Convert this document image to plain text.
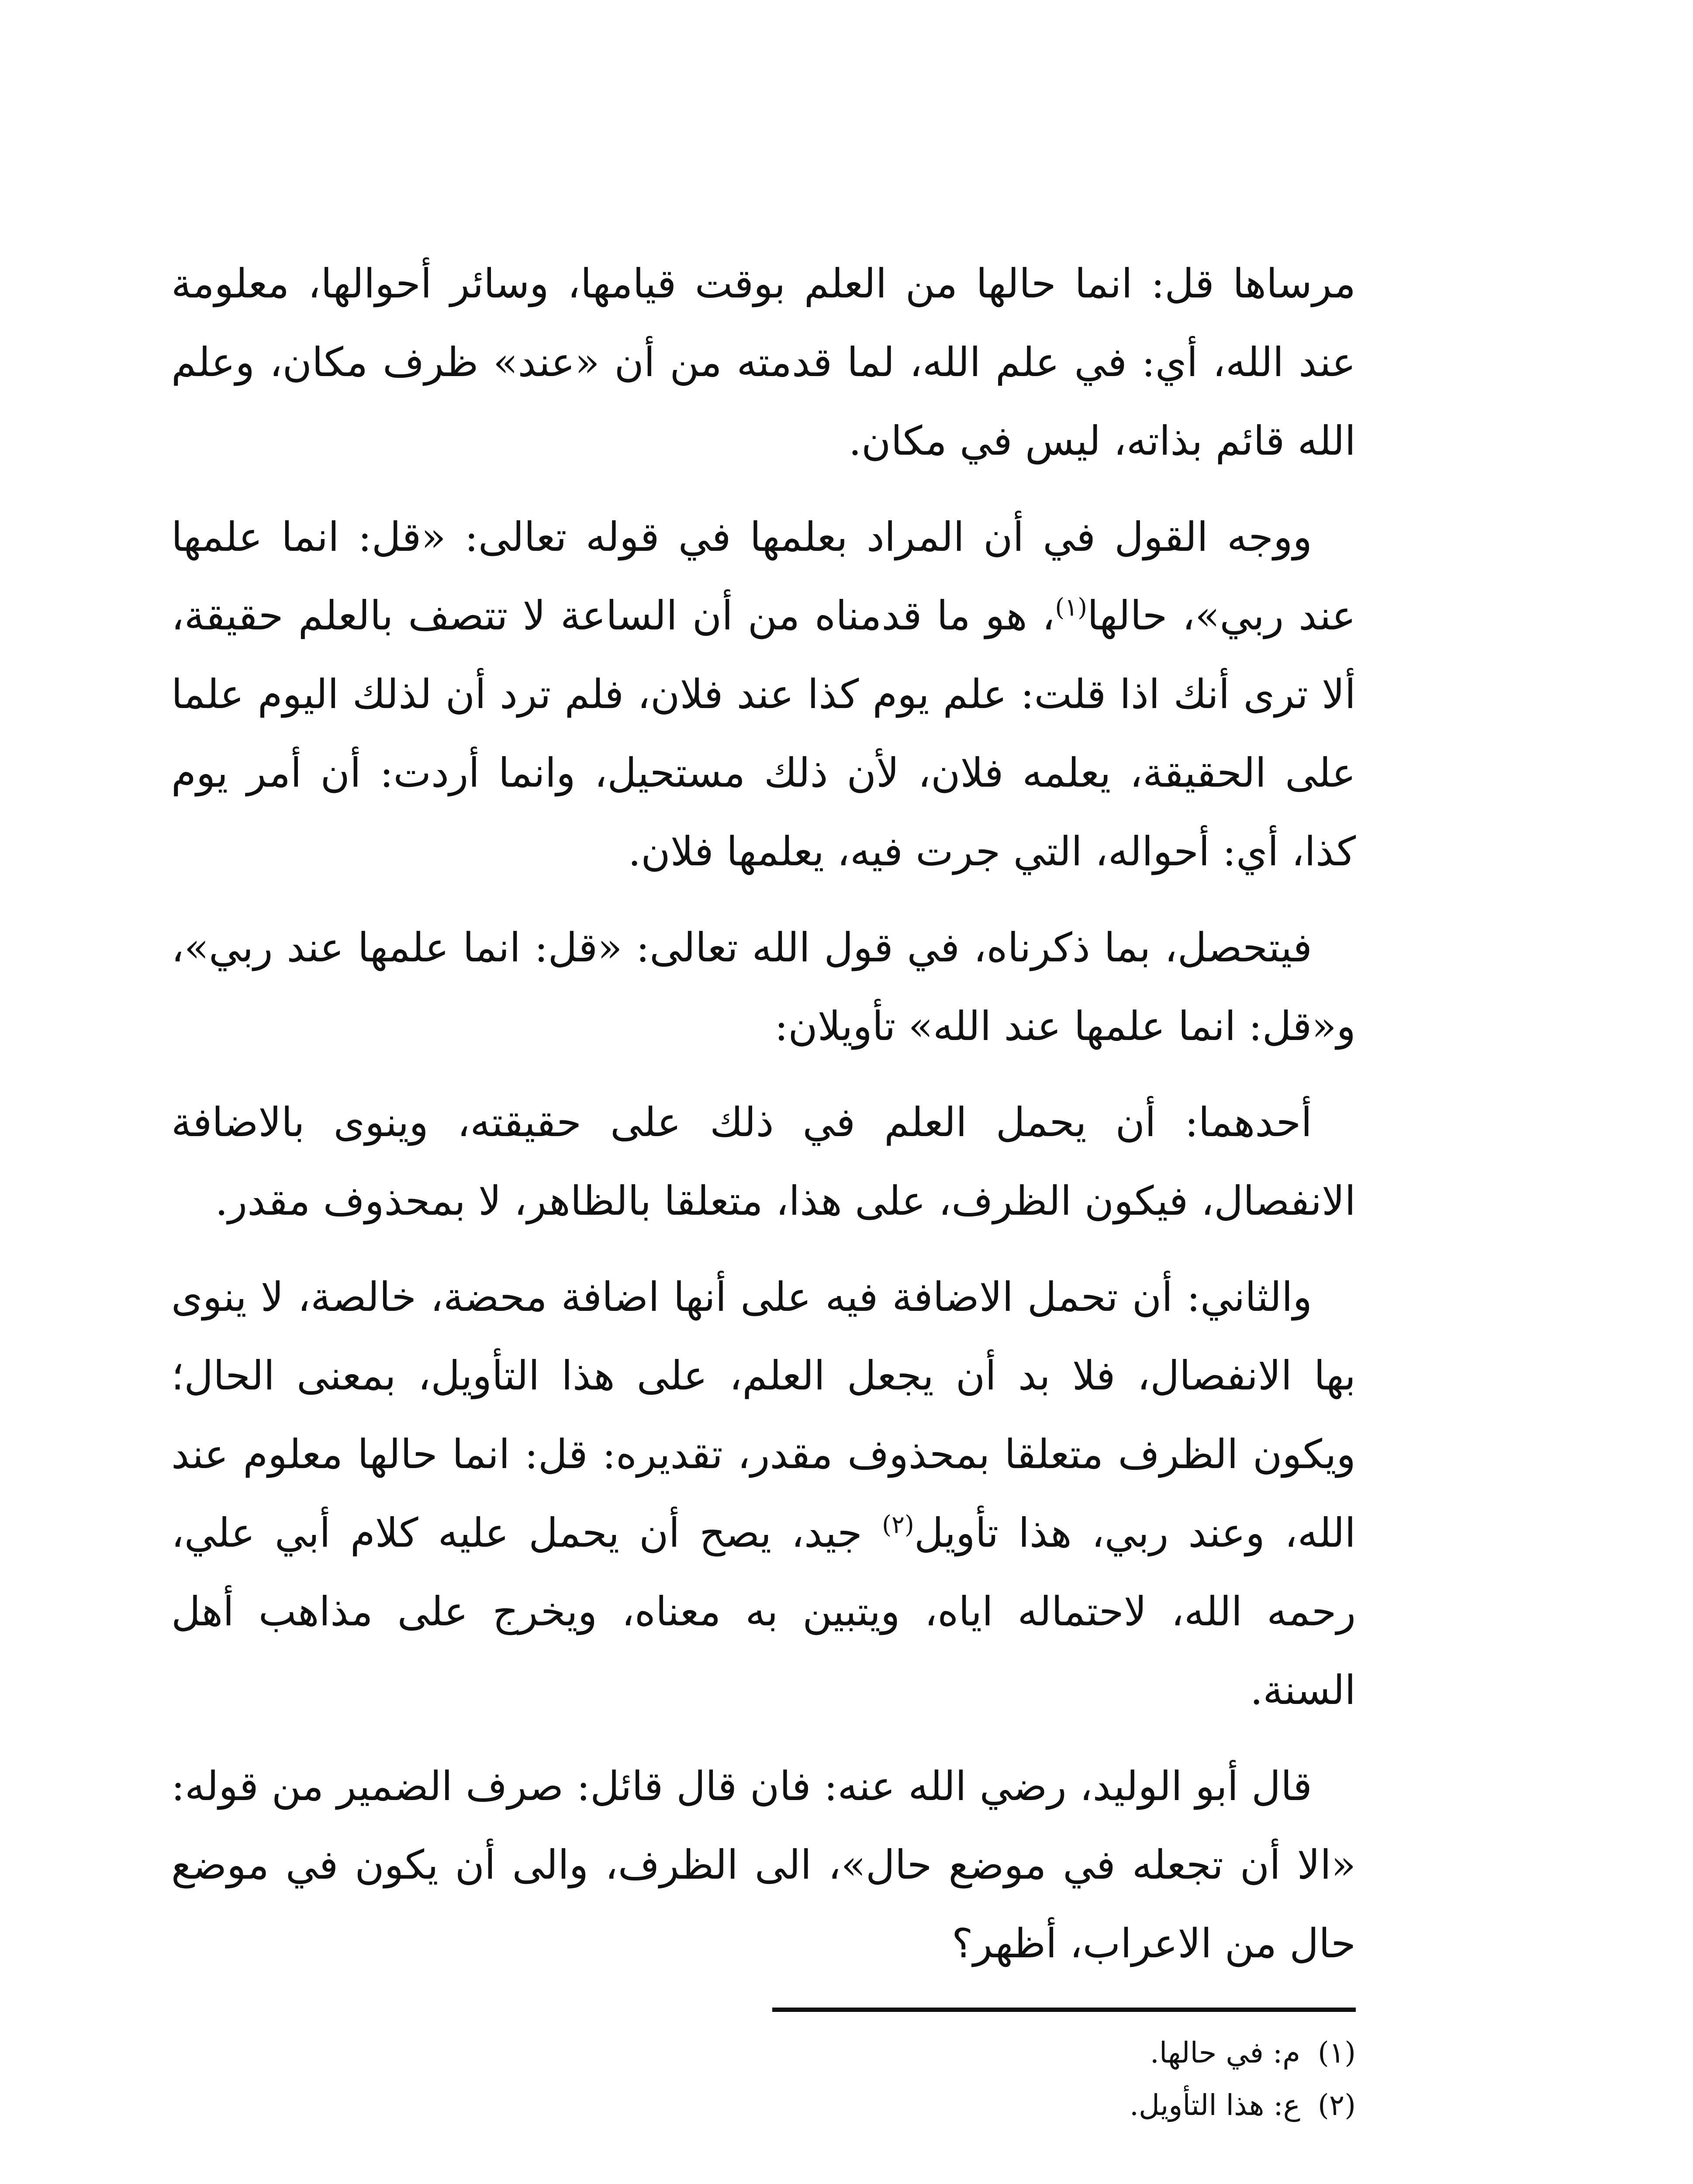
مرساها قل: انما حالها من العلم بوقت قيامها، وسائر أحوالها، معلومة عند الله، أي: في علم الله، لما قدمته من أن «عند» ظرف مكان، وعلم الله قائم بذاته، ليس في مكان.

ووجه القول في أن المراد بعلمها في قوله تعالى: «قل: انما علمها عند ربي»، حالها$^{(١)}$، هو ما قدمناه من أن الساعة لا تتصف بالعلم حقيقة، ألا ترى أنك اذا قلت: علم يوم كذا عند فلان، فلم ترد أن لذلك اليوم علما على الحقيقة، يعلمه فلان، لأن ذلك مستحيل، وانما أردت: أن أمر يوم كذا، أي: أحواله، التي جرت فيه، يعلمها فلان.

فيتحصل، بما ذكرناه، في قول الله تعالى: «قل: انما علمها عند ربي»، و«قل: انما علمها عند الله» تأويلان:

أحدهما: أن يحمل العلم في ذلك على حقيقته، وينوى بالاضافة الانفصال، فيكون الظرف، على هذا، متعلقا بالظاهر، لا بمحذوف مقدر.

والثاني: أن تحمل الاضافة فيه على أنها اضافة محضة، خالصة، لا ينوى بها الانفصال، فلا بد أن يجعل العلم، على هذا التأويل، بمعنى الحال؛ ويكون الظرف متعلقا بمحذوف مقدر، تقديره: قل: انما حالها معلوم عند الله، وعند ربي، هذا تأويل$^{(٢)}$ جيد، يصح أن يحمل عليه كلام أبي علي، رحمه الله، لاحتماله اياه، ويتبين به معناه، ويخرج على مذاهب أهل السنة.

قال أبو الوليد، رضي الله عنه: فان قال قائل: صرف الضمير من قوله: «الا أن تجعله في موضع حال»، الى الظرف، والى أن يكون في موضع حال من الاعراب، أظهر؟

(١)م: في حالها.
(٢)ع: هذا التأويل.
